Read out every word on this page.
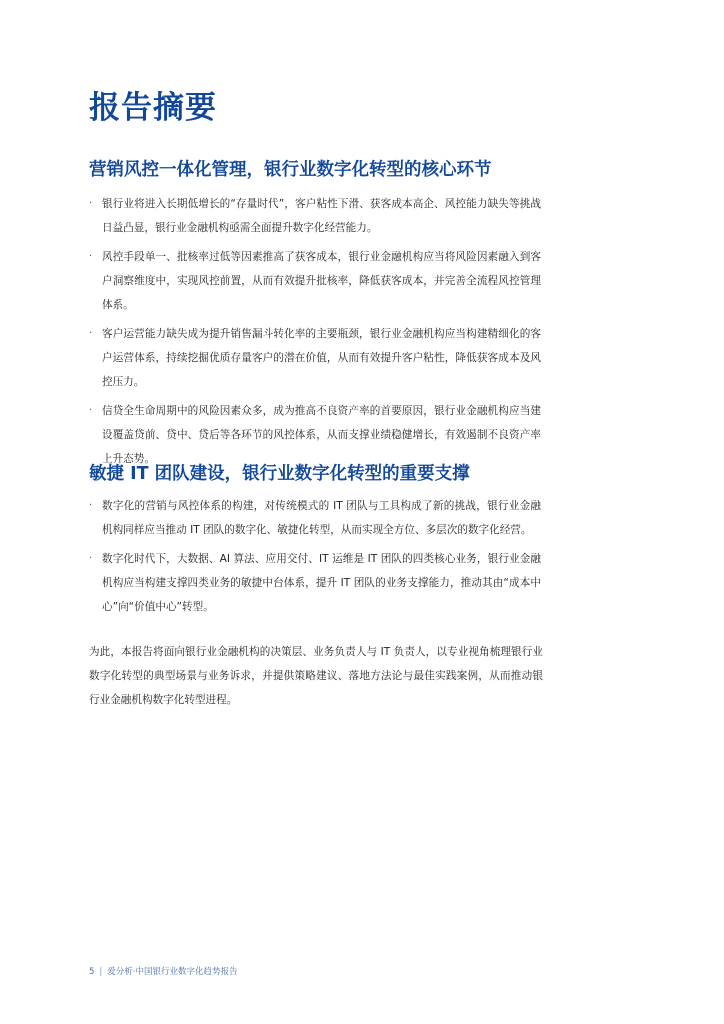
报告摘要
营销风控一体化管理，银行业数字化转型的核心环节
· 银行业将进入长期低增长的“存量时代”，客户粘性下滑、获客成本高企、风控能力缺失等挑战日益凸显，银行业金融机构亟需全面提升数字化经营能力。
· 风控手段单一、批核率过低等因素推高了获客成本，银行业金融机构应当将风险因素融入到客户洞察维度中，实现风控前置，从而有效提升批核率，降低获客成本，并完善全流程风控管理体系。
· 客户运营能力缺失成为提升销售漏斗转化率的主要瓶颈，银行业金融机构应当构建精细化的客户运营体系，持续挖掘优质存量客户的潜在价值，从而有效提升客户粘性，降低获客成本及风控压力。
· 信贷全生命周期中的风险因素众多，成为推高不良资产率的首要原因，银行业金融机构应当建设覆盖贷前、贷中、贷后等各环节的风控体系，从而支撑业绩稳健增长，有效遏制不良资产率上升态势。
敏捷 IT 团队建设，银行业数字化转型的重要支撑
· 数字化的营销与风控体系的构建，对传统模式的 IT 团队与工具构成了新的挑战，银行业金融机构同样应当推动 IT 团队的数字化、敏捷化转型，从而实现全方位、多层次的数字化经营。
· 数字化时代下，大数据、AI 算法、应用交付、IT 运维是 IT 团队的四类核心业务，银行业金融机构应当构建支撑四类业务的敏捷中台体系，提升 IT 团队的业务支撑能力，推动其由“成本中心”向“价值中心”转型。

为此，本报告将面向银行业金融机构的决策层、业务负责人与 IT 负责人，以专业视角梳理银行业数字化转型的典型场景与业务诉求，并提供策略建议、落地方法论与最佳实践案例，从而推动银行业金融机构数字化转型进程。

5 | 爱分析·中国银行业数字化趋势报告
